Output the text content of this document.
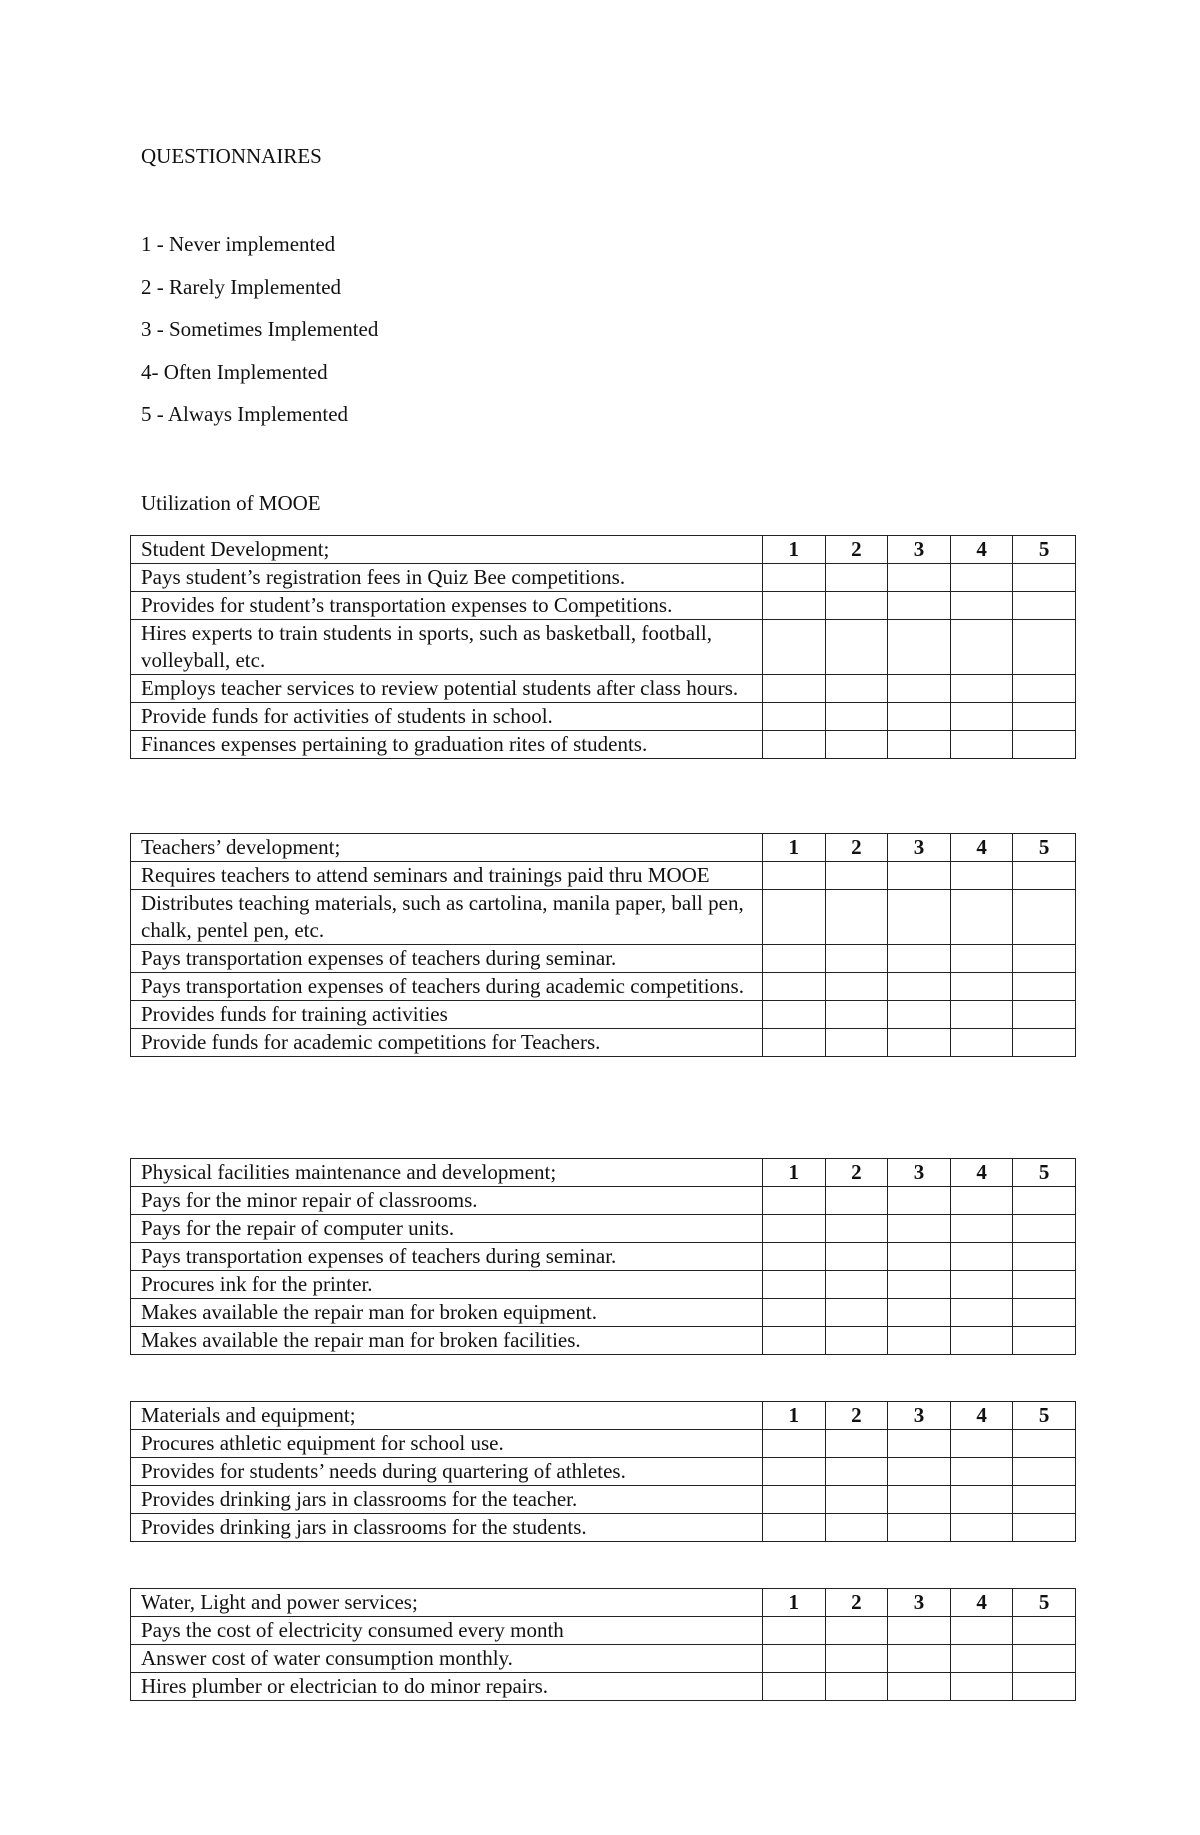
QUESTIONNAIRES
1 - Never implemented
2 - Rarely Implemented
3 - Sometimes Implemented
4- Often Implemented
5 - Always Implemented
Utilization of MOOE
Student Development;	1	2	3	4	5
Pays student’s registration fees in Quiz Bee competitions.					
Provides for student’s transportation expenses to Competitions.					
Hires experts to train students in sports, such as basketball, football, volleyball, etc.					
Employs teacher services to review potential students after class hours.					
Provide funds for activities of students in school.					
Finances expenses pertaining to graduation rites of students.					
Teachers’ development;	1	2	3	4	5
Requires teachers to attend seminars and trainings paid thru MOOE					
Distributes teaching materials, such as cartolina, manila paper, ball pen, chalk, pentel pen, etc.					
Pays transportation expenses of teachers during seminar.					
Pays transportation expenses of teachers during academic competitions.					
Provides funds for training activities					
Provide funds for academic competitions for Teachers.					
Physical facilities maintenance and development;	1	2	3	4	5
Pays for the minor repair of classrooms.					
Pays for the repair of computer units.					
Pays transportation expenses of teachers during seminar.					
Procures ink for the printer.					
Makes available the repair man for broken equipment.					
Makes available the repair man for broken facilities.					
Materials and equipment;	1	2	3	4	5
Procures athletic equipment for school use.					
Provides for students’ needs during quartering of athletes.					
Provides drinking jars in classrooms for the teacher.					
Provides drinking jars in classrooms for the students.					
Water, Light and power services;	1	2	3	4	5
Pays the cost of electricity consumed every month					
Answer cost of water consumption monthly.					
Hires plumber or electrician to do minor repairs.					
